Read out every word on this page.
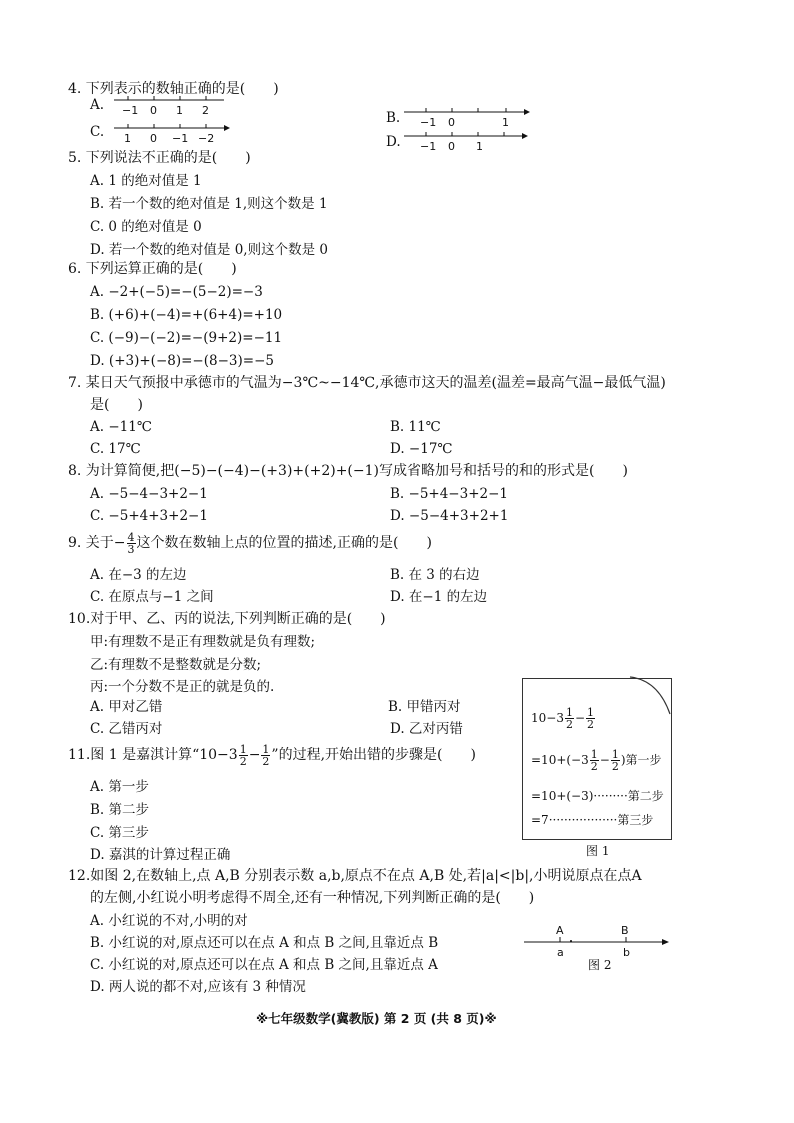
4. 下列表示的数轴正确的是(　　)
A. −1 0 1 2
C. 1 0 −1 −2
B. −1 0	1
D. −1 0 1
5. 下列说法不正确的是(　　)
A. 1 的绝对值是 1
B. 若一个数的绝对值是 1,则这个数是 1
C. 0 的绝对值是 0
D. 若一个数的绝对值是 0,则这个数是 0
6. 下列运算正确的是(　　)
A. −2+(−5)=−(5−2)=−3
B. (+6)+(−4)=+(6+4)=+10
C. (−9)−(−2)=−(9+2)=−11
D. (+3)+(−8)=−(8−3)=−5
7. 某日天气预报中承德市的气温为−3℃~−14℃,承德市这天的温差(温差=最高气温−最低气温)
是(　　)
A. −11℃	B. 11℃
C. 17℃	D. −17℃
8. 为计算简便,把(−5)−(−4)−(+3)+(+2)+(−1)写成省略加号和括号的和的形式是(　　)
A. −5−4−3+2−1	B. −5+4−3+2−1
C. −5+4+3+2−1	D. −5−4+3+2+1
9. 关于− $\frac{4}{3}$ 这个数在数轴上点的位置的描述,正确的是(　　)
A. 在−3 的左边	B. 在 3 的右边
C. 在原点与−1 之间	D. 在−1 的左边
10.对于甲、乙、丙的说法,下列判断正确的是(　　)
甲:有理数不是正有理数就是负有理数;
乙:有理数不是整数就是分数;
丙:一个分数不是正的就是负的.
A. 甲对乙错	B. 甲错丙对
C. 乙错丙对	D. 乙对丙错
$10-3 \frac{1}{2} - \frac{1}{2}$
$=10+(-3 \frac{1}{2} - \frac{1}{2}$ )第一步
=10+(−3)·········第二步
=7··················第三步
图 1
11.图 1 是嘉淇计算“$10-3 \frac{1}{2} - \frac{1}{2}$ ”的过程,开始出错的步骤是(　　)
A. 第一步
B. 第二步
C. 第三步
D. 嘉淇的计算过程正确
12.如图 2,在数轴上,点 A,B 分别表示数 a,b,原点不在点 A,B 处,若|a|<|b|,小明说原点在点A
的左侧,小红说小明考虑得不周全,还有一种情况,下列判断正确的是(　　)
A. 小红说的不对,小明的对
B. 小红说的对,原点还可以在点 A 和点 B 之间,且靠近点 B
C. 小红说的对,原点还可以在点 A 和点 B 之间,且靠近点 A
D. 两人说的都不对,应该有 3 种情况
A	B
a	b
图 2
※七年级数学(冀教版) 第 2 页 (共 8 页)※
